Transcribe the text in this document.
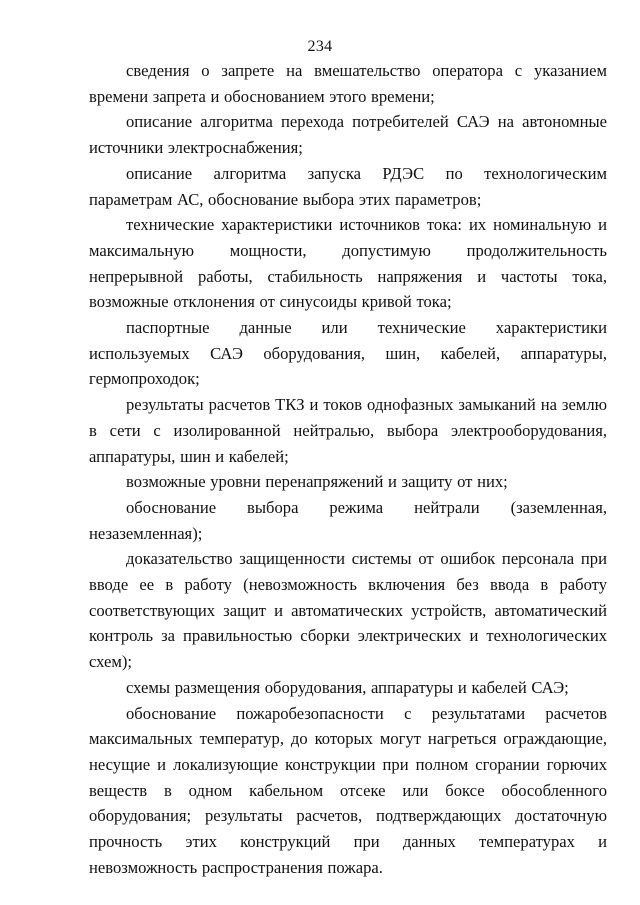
234

сведения о запрете на вмешательство оператора с указанием времени запрета и обоснованием этого времени;

описание алгоритма перехода потребителей САЭ на автономные источники электроснабжения;

описание алгоритма запуска РДЭС по технологическим параметрам АС, обоснование выбора этих параметров;

технические характеристики источников тока: их номинальную и максимальную мощности, допустимую продолжительность непрерывной работы, стабильность напряжения и частоты тока, возможные отклонения от синусоиды кривой тока;

паспортные данные или технические характеристики используемых САЭ оборудования, шин, кабелей, аппаратуры, гермопроходок;

результаты расчетов ТКЗ и токов однофазных замыканий на землю в сети с изолированной нейтралью, выбора электрооборудования, аппаратуры, шин и кабелей;

возможные уровни перенапряжений и защиту от них;

обоснование выбора режима нейтрали (заземленная, незаземленная);

доказательство защищенности системы от ошибок персонала при вводе ее в работу (невозможность включения без ввода в работу соответствующих защит и автоматических устройств, автоматический контроль за правильностью сборки электрических и технологических схем);

схемы размещения оборудования, аппаратуры и кабелей САЭ;

обоснование пожаробезопасности с результатами расчетов максимальных температур, до которых могут нагреться ограждающие, несущие и локализующие конструкции при полном сгорании горючих веществ в одном кабельном отсеке или боксе обособленного оборудования; результаты расчетов, подтверждающих достаточную прочность этих конструкций при данных температурах и невозможность распространения пожара.
